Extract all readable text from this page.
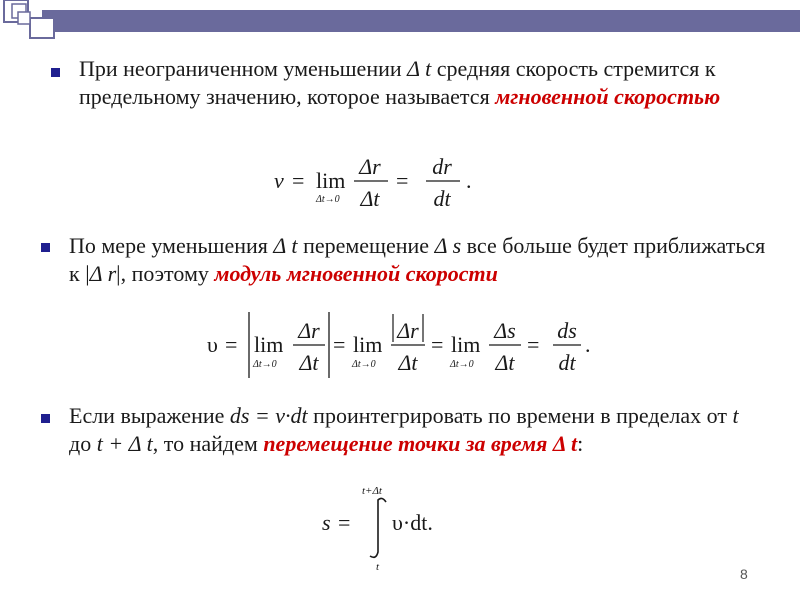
При неограниченном уменьшении Δ t средняя скорость стремится к предельному значению, которое называется мгновенной скоростью

v = lim
Δt→0
Δr
Δt
=
dr
dt
.

По мере уменьшения Δ t перемещение Δ s все больше будет приближаться к |Δ r|, поэтому модуль мгновенной скорости

υ = lim
Δt→0
Δr
Δt
= lim
Δt→0
Δr
Δt
= lim
Δt→0
Δs
Δt
=
ds
dt
.

Если выражение ds = v·dt проинтегрировать по времени в пределах от t до t + Δ t, то найдем перемещение точки за время Δ t:

s =
t+Δt
t
υ·dt.
8
